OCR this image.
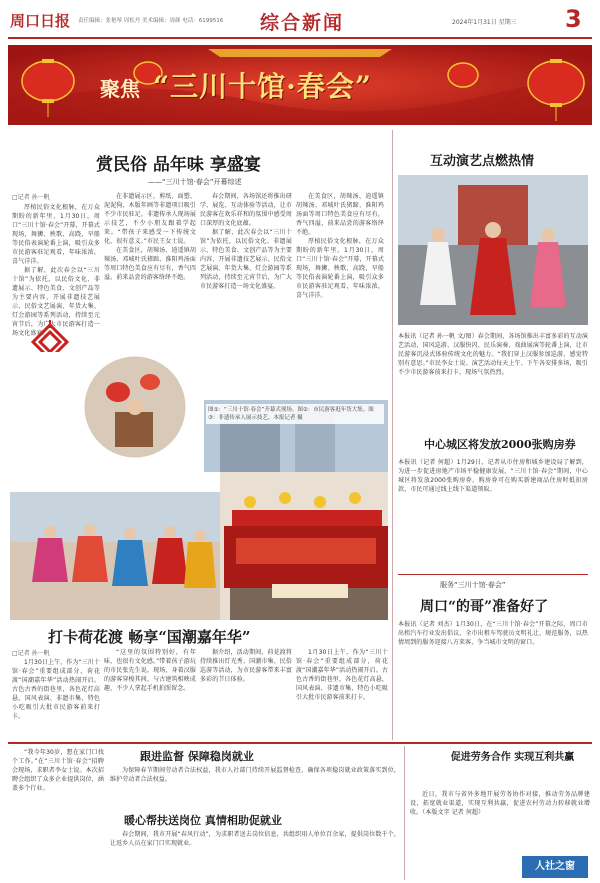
周口日报 责任编辑：张艳琴 周松丹 美术编辑：周颜 电话：6199516	综合新闻	2024年1月31日 星期三 3
聚焦 “三川十馆·春会”
赏民俗 品年味 享盛宴
——“三川十馆·春会”开幕综述
□记者 孙一帆

厚植民俗文化根脉，在万众期盼的新年里，1月30日，周口“三川十馆·春会”开幕，开幕式现场，舞狮、秧歌、高跷、旱船等民俗表演轮番上演，吸引众多市民游客驻足观看，年味浓浓，喜气洋洋。

据了解，此次春会以“三川十馆”为依托，以民俗文化、非遗展示、特色美食、文创产品等为主要内容，开展非遗技艺展示、民俗文艺展演、年货大集、灯会游园等系列活动，持续至元宵节后，为广大市民游客打造一场文化盛宴。

在非遗展示区，剪纸、面塑、泥泥狗、木版年画等非遗项目吸引不少市民驻足。非遗传承人现场展示技艺，不少小朋友跟着学起来。“带孩子来感受一下传统文化，很有意义。”市民王女士说。

在美食区，胡辣汤、逍遥镇胡辣汤、邓城叶氏猪蹄、淮阳鸡汤面等周口特色美食应有尽有，香气四溢，前来品尝的游客络绎不绝。

春会期间，各场馆还将推出研学、展览、互动体验等活动，让市民游客在欢乐祥和的氛围中感受周口深厚的文化底蕴。

据了解，此次春会以“三川十馆”为依托，以民俗文化、非遗展示、特色美食、文创产品等为主要内容，开展非遗技艺展示、民俗文艺展演、年货大集、灯会游园等系列活动，持续至元宵节后，为广大市民游客打造一场文化盛宴。

在美食区，胡辣汤、逍遥镇胡辣汤、邓城叶氏猪蹄、淮阳鸡汤面等周口特色美食应有尽有，香气四溢，前来品尝的游客络绎不绝。

厚植民俗文化根脉，在万众期盼的新年里，1月30日，周口“三川十馆·春会”开幕，开幕式现场，舞狮、秧歌、高跷、旱船等民俗表演轮番上演，吸引众多市民游客驻足观看，年味浓浓，喜气洋洋。

图①：“三川十馆·春会”开幕式现场。图②：市民游客逛年货大集。图③：非遗传承人展示技艺。本报记者 摄
互动演艺点燃热情
本报讯（记者 孙一帆 文/图）春会期间，各场馆推出丰富多彩的互动演艺活动，国风巡游、汉服快闪、民乐演奏、戏曲展演等轮番上演，让市民游客沉浸式体验传统文化的魅力。“我们穿上汉服参加巡游，感觉特别有意思。”市民李女士说。演艺活动每天上午、下午各安排多场，吸引不少市民游客前来打卡，现场气氛热烈。
中心城区将发放2000张购房券
本报讯（记者 何超）1月29日，记者从市住房和城乡建设局了解到，为进一步促进房地产市场平稳健康发展，“三川十馆·春会”期间，中心城区将发放2000张购房券，购房券可在购买新建商品住房时抵扣房款，市民可通过线上线下渠道领取。
服务“三川十馆·春会”
周口“的哥”准备好了
本报讯（记者 刘杰）1月30日，在“三川十馆·春会”开幕之际，周口市出租汽车行业发出倡议，全市出租车驾驶员文明礼让、规范服务，以热情周到的服务迎接八方来客，争当城市文明的窗口。
打卡荷花渡 畅享“国潮嘉年华”
□记者 孙一帆
1月30日上午，作为“三川十馆·春会”重要组成部分，荷花渡“国潮嘉年华”活动热闹开启。古色古香的街巷里，各色花灯高悬，国风表演、非遗市集、特色小吃吸引大批市民游客前来打卡。
“这里的氛围特别好，有年味，也很有文化感。”带着孩子游玩的市民张先生说。现场，身着汉服的游客穿梭其间，与古建筑相映成趣，不少人拿起手机拍照留念。
据介绍，活动期间，荷花渡将持续推出灯光秀、国潮市集、民俗巡游等活动，为市民游客带来丰富多彩的节日体验。
1月30日上午，作为“三川十馆·春会”重要组成部分，荷花渡“国潮嘉年华”活动热闹开启。古色古香的街巷里，各色花灯高悬，国风表演、非遗市集、特色小吃吸引大批市民游客前来打卡。
“我今年30岁，想在家门口找个工作。”在“三川十馆·春会”招聘会现场，求职者李女士说。本次招聘会组织了众多企业提供岗位，涵盖多个行业。
跟进监督 保障稳岗就业
为保障春节期间劳动者合法权益，我市人社部门持续开展监督检查，确保各项稳岗就业政策落实到位，维护劳动者合法权益。
暖心帮扶送岗位 真情相助促就业
春会期间，我市开展“春风行动”，为求职者送去岗位信息，共组织用人单位百余家，提供岗位数千个，让返乡人员在家门口实现就业。
促进劳务合作 实现互利共赢
近日，我市与省外多地开展劳务协作对接，推动劳务品牌建设，拓宽就业渠道，实现互利共赢，促进农村劳动力转移就业增收。（本版文字 记者 何超）
人社之窗
